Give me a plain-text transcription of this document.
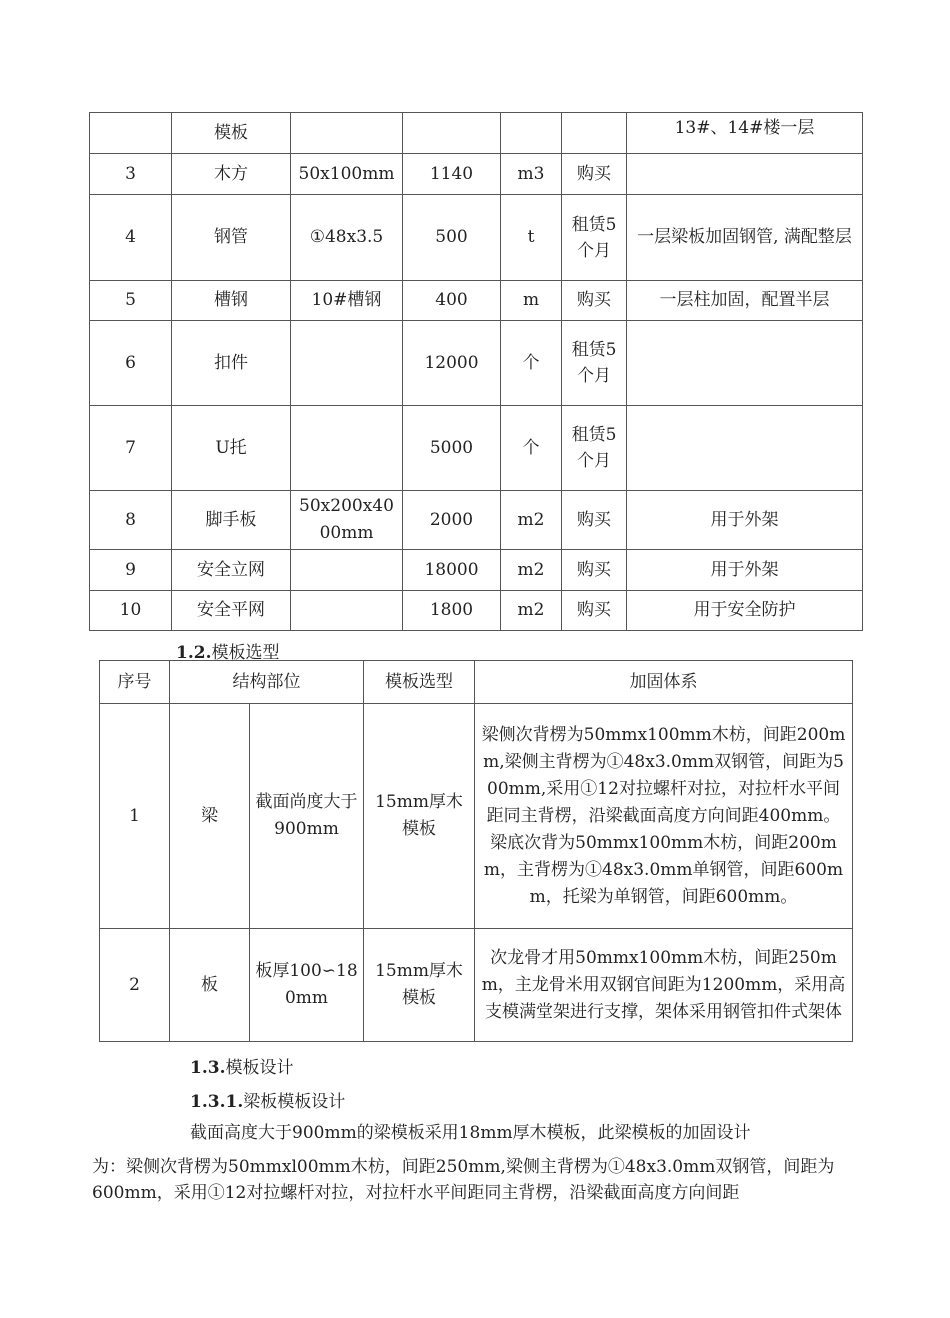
	模板					13#、14#楼一层
3	木方	50x100mm	1140	m3	购买	
4	钢管	①48x3.5	500	t	租赁5个月	一层梁板加固钢管, 满配整层
5	槽钢	10#槽钢	400	m	购买	一层柱加固，配置半层
6	扣件		12000	个	租赁5个月	
7	U托		5000	个	租赁5个月	
8	脚手板	50x200x4000mm	2000	m2	购买	用于外架
9	安全立网		18000	m2	购买	用于外架
10	安全平网		1800	m2	购买	用于安全防护
1.2.模板选型
序号	结构部位		模板选型	加固体系
1	梁	截面尚度大于900mm	15mm厚木模板	梁侧次背楞为50mmx100mm木枋，间距200mm,梁侧主背楞为①48x3.0mm双钢管，间距为500mm,采用①12对拉螺杆对拉，对拉杆水平间距同主背楞，沿梁截面高度方向间距400mm。梁底次背为50mmx100mm木枋，间距200mm，主背楞为①48x3.0mm单钢管，间距600mm，托梁为单钢管，间距600mm。
2	板	板厚100∽180mm	15mm厚木模板	次龙骨才用50mmx100mm木枋，间距250mm，主龙骨米用双钢官间距为1200mm，采用高支模满堂架进行支撑，架体采用钢管扣件式架体
1.3.模板设计
1.3.1.梁板模板设计
截面高度大于900mm的梁模板采用18mm厚木模板，此梁模板的加固设计
为：梁侧次背楞为50mmxl00mm木枋，间距250mm,梁侧主背楞为①48x3.0mm双钢管，间距为600mm，采用①12对拉螺杆对拉，对拉杆水平间距同主背楞，沿梁截面高度方向间距
